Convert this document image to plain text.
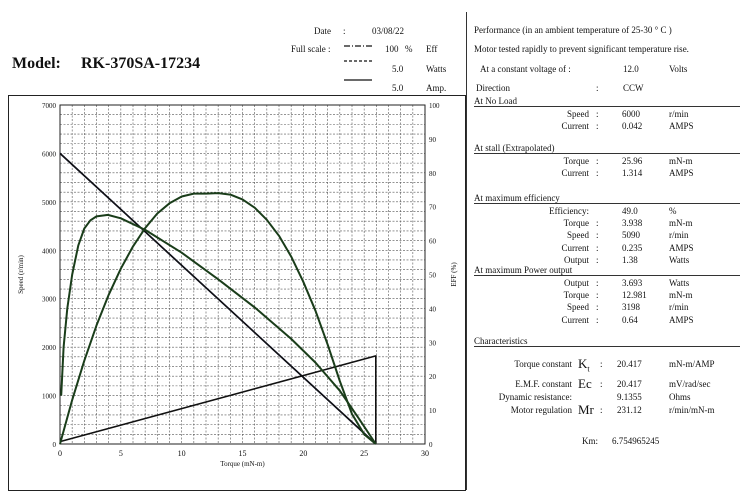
Date :	03/08/22
Full scale :	100 % Eff
5.0	Watts
5.0	Amp.
Model: RK-370SA-17234
0	5	10	15	20	25	30
0
1000
2000
3000
4000
5000
6000
7000
0
10
20
30
40
50
60
70
80
90
100
Torque (mN-m)
Speed (r/min)	EFF (%)
Performance (in an ambient temperature of 25-30 ° C )
Motor tested rapidly to prevent significant temperature rise.
At a constant voltage of :	12.0	Volts
Direction	:	CCW
At No Load
Speed :	6000	r/min
Current :	0.042	AMPS
At stall (Extrapolated)
Torque :	25.96	mN-m
Current :	1.314	AMPS
At maximum efficiency
Efficiency:	49.0	%
Torque :	3.938	mN-m
Speed :	5090	r/min
Current :	0.235	AMPS
Output :	1.38	Watts
At maximum Power output
Output :	3.693	Watts
Torque :	12.981 mN-m
Speed :	3198	r/min
Current :	0.64	AMPS
Characteristics
Torque constant $K_t$
: 20.417	mN-m/AMP
E.M.F. constant Ec : 20.417	mV/rad/sec
Dynamic resistance:	9.1355	Ohms
Motor regulation Mr : 231.12	r/min/mN-m
Km: 6.754965245
